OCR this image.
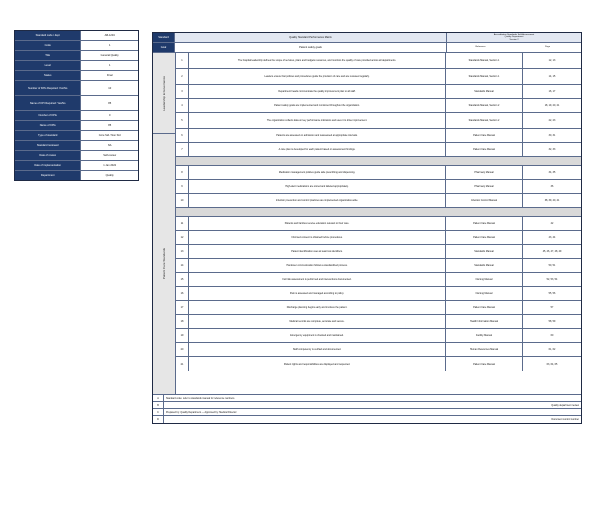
Standard code / dept	AB-1234
Code	1
Title	General Quality
Level	1
Status	Final
Number of KPIs Required: Yes/No	10
Name of KPI Required: Yes/No	85
Number of KPIs	0
Name of KPIs	85
Type of standard	Core Std / Non Std
Standard reviewed	NA
Date of review	Self-review
Date of implementation	1 Jan 2022
Department	Quality
Standard	Quality Standard Performance Matrix
Accreditation Standards Self-Assessment
Quality Department
Version 2
Goal	Patient safety goals	Reference	Page
Leadership & Governance
Patient Care Standards
1	The hospital leadership defines the scope of services, plans and budgets resources, and monitors the quality of care provided across all departments.	Standards Manual, Section 1	12, 13
2	Leaders ensure that policies and procedures guide the provision of care and are reviewed regularly.	Standards Manual, Section 1	14, 15
3	Department heads communicate the quality improvement plan to all staff.	Standards Manual	16, 17
4	Patient safety goals are implemented and monitored throughout the organization.	Standards Manual, Section 2	18, 19, 20, 21
5	The organization collects data on key performance indicators and uses it to drive improvement.	Standards Manual, Section 2	22, 23
6	Patients are assessed on admission and reassessed at appropriate intervals.	Patient Care Manual	30, 31
7	A care plan is developed for each patient based on assessment findings.	Patient Care Manual	32, 33
8	Medication management policies guide safe prescribing and dispensing.	Pharmacy Manual	34, 35
9	High-alert medications are stored and labeled appropriately.	Pharmacy Manual	36
10	Infection prevention and control practices are implemented organization-wide.	Infection Control Manual	38, 39, 40, 41
11	Patients and families receive education relevant to their care.	Patient Care Manual	42
12	Informed consent is obtained before procedures.	Patient Care Manual	43, 44
13	Patient identification uses at least two identifiers.	Standards Manual	45, 46, 47, 48, 49
14	Handover communication follows a standardized process.	Standards Manual	50, 51
15	Fall risk assessment is performed and interventions documented.	Nursing Manual	52, 53, 54
16	Pain is assessed and managed according to policy.	Nursing Manual	55, 56
17	Discharge planning begins early and involves the patient.	Patient Care Manual	57
18	Medical records are complete, accurate and secure.	Health Information Manual	58, 59
19	Emergency equipment is checked and maintained.	Facility Manual	60
20	Staff competency is verified and documented.	Human Resources Manual	61, 62
21	Patient rights and responsibilities are displayed and respected.	Patient Care Manual	63, 64, 65
A	Standard code: refer to standards manual for reference numbers.
B	Quality department review
C	Prepared by: Quality Department — Approved by: Medical Director
D	Document control number
